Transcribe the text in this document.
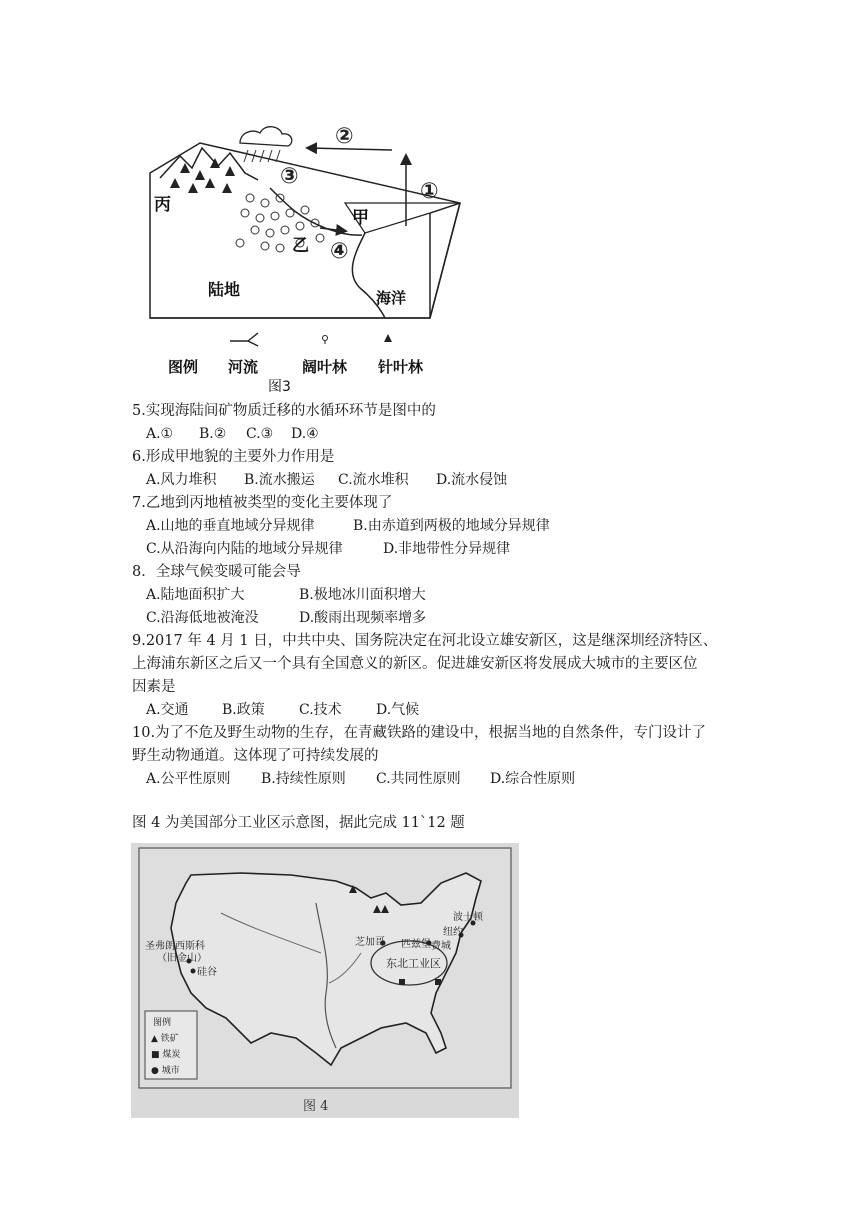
①
②
③
④
甲
乙
丙
陆地	海洋
图例 河流	阔叶林 针叶林
图3
5.实现海陆间矿物质迁移的水循环环节是图中的
A.① B.② C.③ D.④
6.形成甲地貌的主要外力作用是
A.风力堆积 B.流水搬运 C.流水堆积 D.流水侵蚀
7.乙地到丙地植被类型的变化主要体现了
A.山地的垂直地域分异规律	B.由赤道到两极的地域分异规律
C.从沿海向内陆的地域分异规律	D.非地带性分异规律
8．全球气候变暖可能会导
A.陆地面积扩大	B.极地冰川面积增大
C.沿海低地被淹没	D.酸雨出现频率增多
9.2017 年 4 月 1 日，中共中央、国务院决定在河北设立雄安新区，这是继深圳经济特区、
上海浦东新区之后又一个具有全国意义的新区。促进雄安新区将发展成大城市的主要区位
因素是
A.交通 B.政策 C.技术 D.气候
10.为了不危及野生动物的生存，在青藏铁路的建设中，根据当地的自然条件，专门设计了
野生动物通道。这体现了可持续发展的
A.公平性原则 B.持续性原则 C.共同性原则 D.综合性原则
图 4 为美国部分工业区示意图，据此完成 11`12 题
圣弗朗西斯科
（旧金山）
硅谷
芝加哥 匹兹堡
波士顿
纽约
费城
东北工业区
图例
▲ 铁矿
■ 煤炭
● 城市
图 4
